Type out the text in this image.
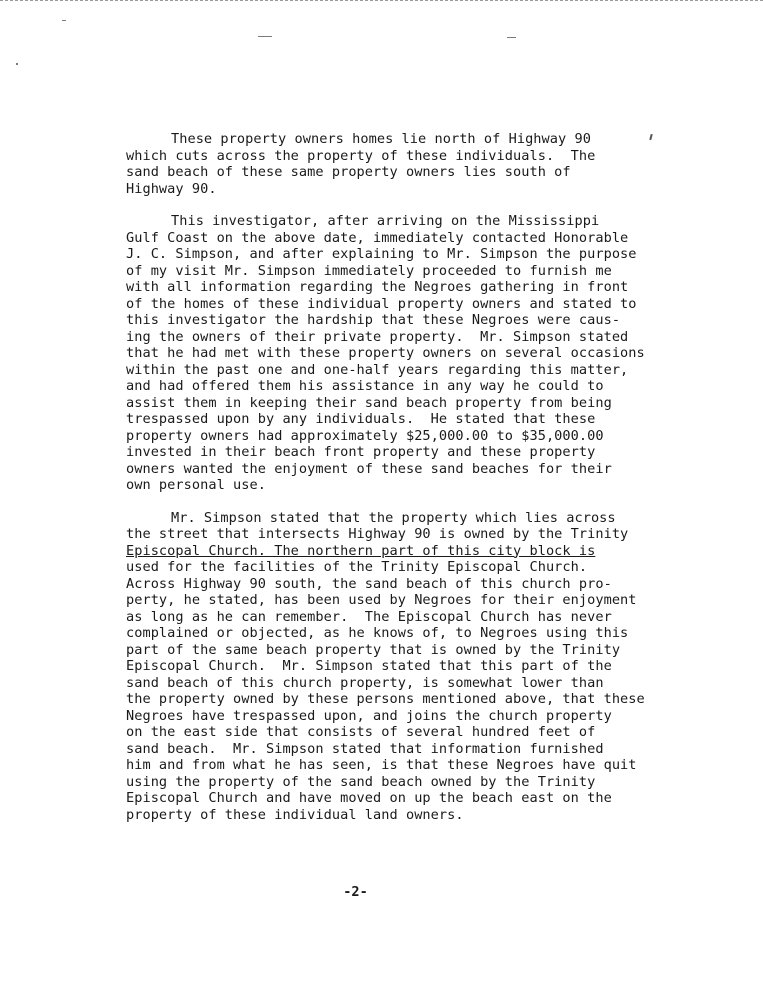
These property owners homes lie north of Highway 90
which cuts across the property of these individuals.  The
sand beach of these same property owners lies south of
Highway 90.
This investigator, after arriving on the Mississippi
Gulf Coast on the above date, immediately contacted Honorable
J. C. Simpson, and after explaining to Mr. Simpson the purpose
of my visit Mr. Simpson immediately proceeded to furnish me
with all information regarding the Negroes gathering in front
of the homes of these individual property owners and stated to
this investigator the hardship that these Negroes were caus-
ing the owners of their private property.  Mr. Simpson stated
that he had met with these property owners on several occasions
within the past one and one-half years regarding this matter,
and had offered them his assistance in any way he could to
assist them in keeping their sand beach property from being
trespassed upon by any individuals.  He stated that these
property owners had approximately $25,000.00 to $35,000.00
invested in their beach front property and these property
owners wanted the enjoyment of these sand beaches for their
own personal use.
Mr. Simpson stated that the property which lies across
the street that intersects Highway 90 is owned by the Trinity
Episcopal Church. The northern part of this city block is
used for the facilities of the Trinity Episcopal Church.
Across Highway 90 south, the sand beach of this church pro-
perty, he stated, has been used by Negroes for their enjoyment
as long as he can remember.  The Episcopal Church has never
complained or objected, as he knows of, to Negroes using this
part of the same beach property that is owned by the Trinity
Episcopal Church.  Mr. Simpson stated that this part of the
sand beach of this church property, is somewhat lower than
the property owned by these persons mentioned above, that these
Negroes have trespassed upon, and joins the church property
on the east side that consists of several hundred feet of
sand beach.  Mr. Simpson stated that information furnished
him and from what he has seen, is that these Negroes have quit
using the property of the sand beach owned by the Trinity
Episcopal Church and have moved on up the beach east on the
property of these individual land owners.
-2-
